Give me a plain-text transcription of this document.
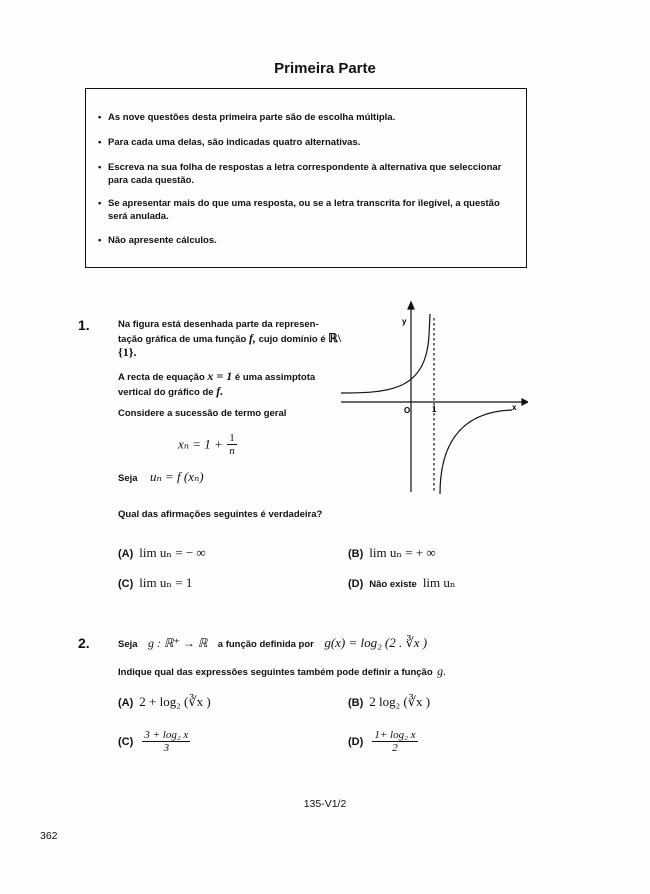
Primeira Parte
• As nove questões desta primeira parte são de escolha múltipla.
• Para cada uma delas, são indicadas quatro alternativas.
• Escreva na sua folha de respostas a letra correspondente à alternativa que seleccionar para cada questão.
• Se apresentar mais do que uma resposta, ou se a letra transcrita for ilegível, a questão será anulada.
• Não apresente cálculos.
1.	Na figura está desenhada parte da represen-tação gráfica de uma função f, cujo domínio é ℝ\{1}.
A recta de equação x = 1 é uma assimptota vertical do gráfico de f.
Considere a sucessão de termo geral
$x_n = 1 + \frac{1}{n}$
Seja uₙ = f (xₙ)
Qual das afirmações seguintes é verdadeira?
(A) lim uₙ = − ∞	(B) lim uₙ = + ∞
(C) lim uₙ = 1	(D) Não existe lim uₙ
y
x
O	1
2.	Seja g : ℝ⁺ → ℝ a função definida por g(x) = log₂ (2 . ∛x )
Indique qual das expressões seguintes também pode definir a função g.
(A) 2 + log₂ (∛x )	(B) 2 log₂ (∛x )
$(C) \frac{\text{3 + log₂ x}}{3}$	$(D) \frac{\text{1+ log₂ x}}{2}$
135-V1/2
362
